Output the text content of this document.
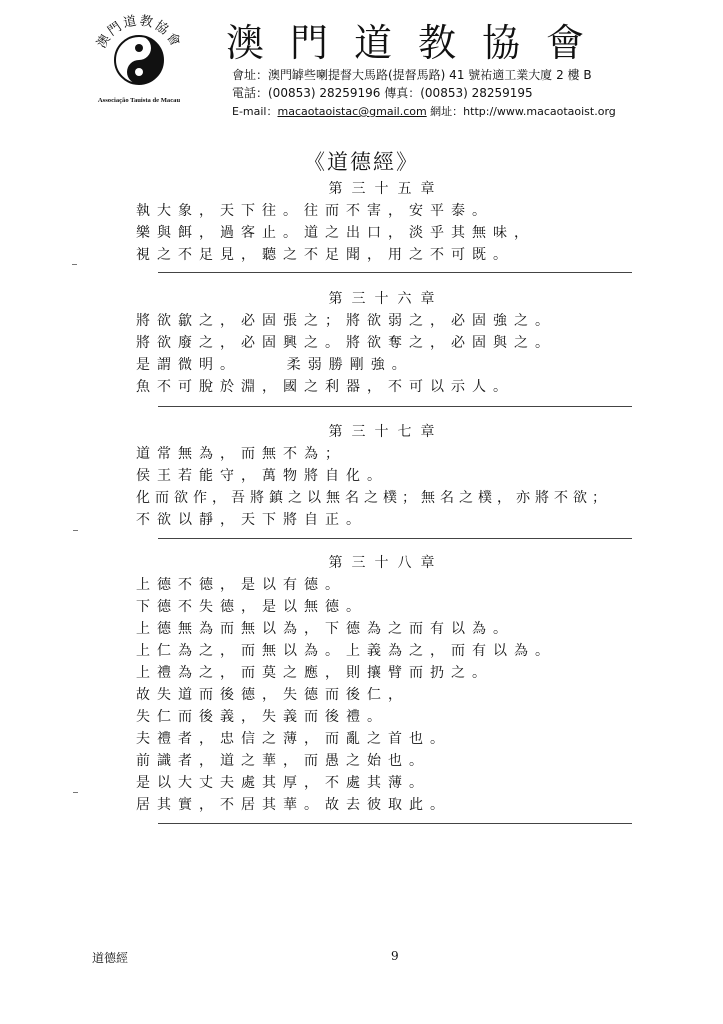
澳門道教協會
Associação Tauista de Macau
澳門道教協會
會址：澳門罅些喇提督大馬路(提督馬路) 41 號祐適工業大廈 2 樓 B
電話：(00853) 28259196 傳真：(00853) 28259195
E-mail：macaotaoistac@gmail.com 網址：http://www.macaotaoist.org
《道德經》
第三十五章
執大象，天下往。往而不害，安平泰。
樂與餌，過客止。道之出口，淡乎其無味，
視之不足見，聽之不足聞，用之不可既。
第三十六章
將欲歙之，必固張之；將欲弱之，必固強之。
將欲廢之，必固興之。將欲奪之，必固與之。
是謂微明。    柔弱勝剛強。
魚不可脫於淵，國之利器，不可以示人。
第三十七章
道常無為，而無不為；
侯王若能守，萬物將自化。
化而欲作，吾將鎮之以無名之樸；無名之樸，亦將不欲；
不欲以靜，天下將自正。
第三十八章
上德不德，是以有德。
下德不失德，是以無德。
上德無為而無以為，下德為之而有以為。
上仁為之，而無以為。上義為之，而有以為。
上禮為之，而莫之應，則攘臂而扔之。
故失道而後德，失德而後仁，
失仁而後義，失義而後禮。
夫禮者，忠信之薄，而亂之首也。
前識者，道之華，而愚之始也。
是以大丈夫處其厚，不處其薄。
居其實，不居其華。故去彼取此。
道德經	9
